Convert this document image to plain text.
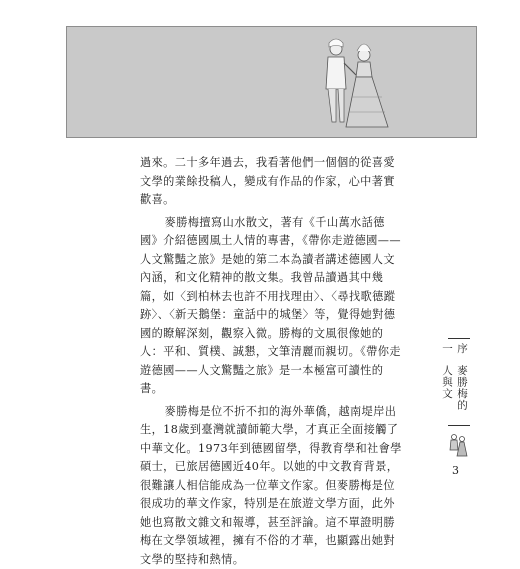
過來。二十多年過去，我看著他們一個個的從喜愛文學的業餘投稿人，變成有作品的作家，心中著實歡喜。

麥勝梅擅寫山水散文，著有《千山萬水話德國》介紹德國風土人情的專書，《帶你走遊德國——人文驚豔之旅》是她的第二本為讀者講述德國人文內涵，和文化精神的散文集。我曾品讀過其中幾篇，如〈到柏林去也許不用找理由〉、〈尋找歌德蹤跡〉、〈新天鵝堡：童話中的城堡〉等，覺得她對德國的瞭解深刻，觀察入微。勝梅的文風很像她的人：平和、質樸、誠懇，文筆清麗而親切。《帶你走遊德國——人文驚豔之旅》是一本極富可讀性的書。

麥勝梅是位不折不扣的海外華僑，越南堤岸出生，18歲到臺灣就讀師範大學，才真正全面接觸了中華文化。1973年到德國留學，得教育學和社會學碩士，已旅居德國近40年。以她的中文教育背景，很難讓人相信能成為一位華文作家。但麥勝梅是位很成功的華文作家，特別是在旅遊文學方面，此外她也寫散文雜文和報導，甚至評論。這不單證明勝梅在文學領域裡，擁有不俗的才華，也顯露出她對文學的堅持和熱情。

序一
麥勝梅的人與文
3
